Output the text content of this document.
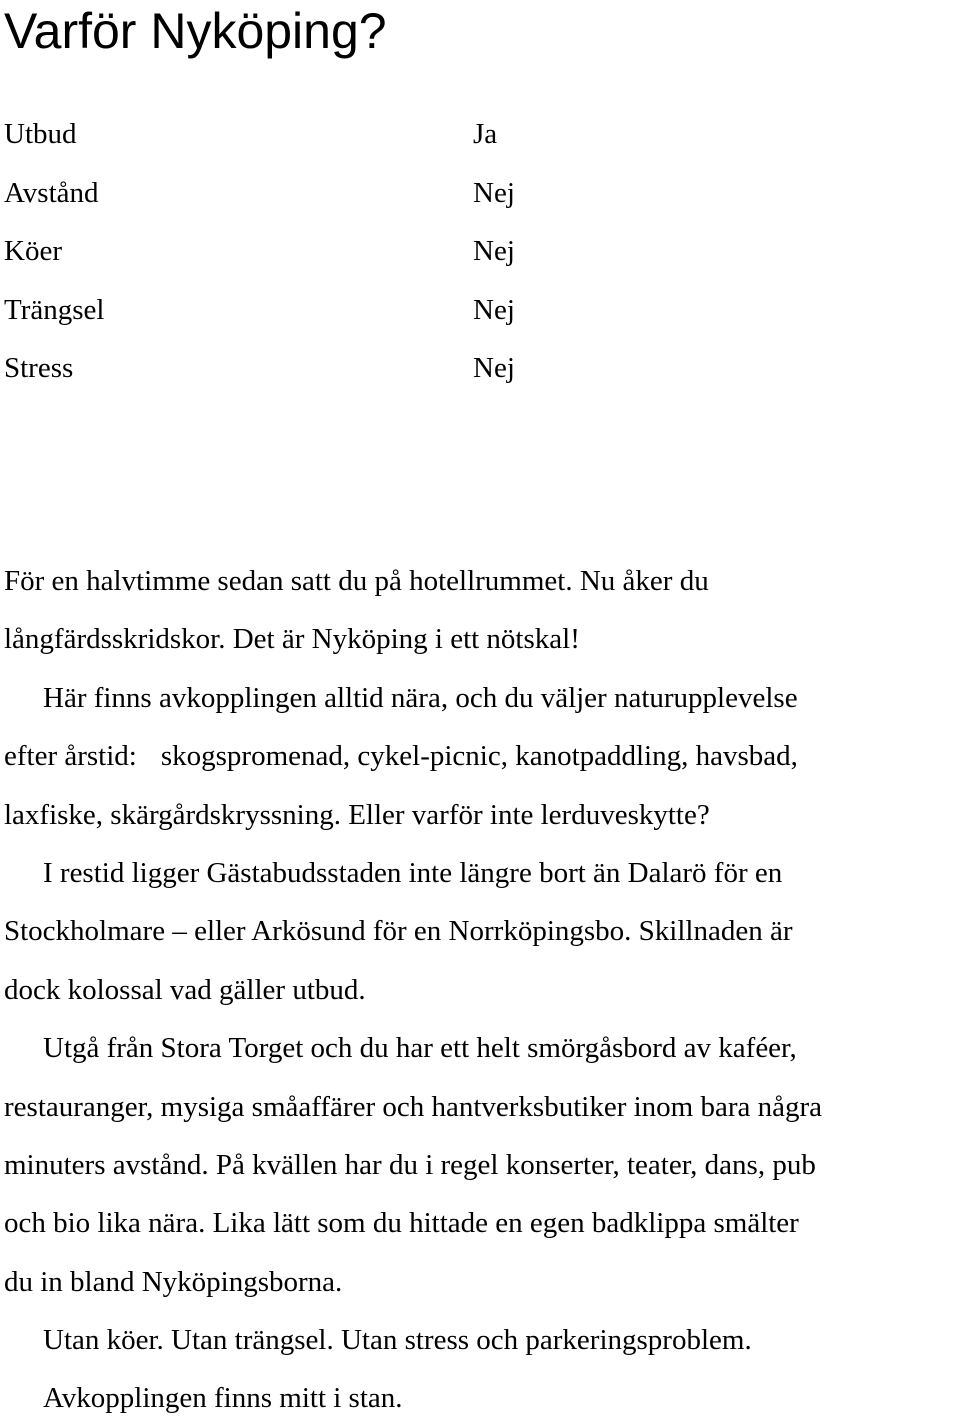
Varför Nyköping?
Utbud	Ja
Avstånd	Nej
Köer	Nej
Trängsel	Nej
Stress	Nej
För en halvtimme sedan satt du på hotellrummet. Nu åker du
långfärdsskridskor. Det är Nyköping i ett nötskal!
Här finns avkopplingen alltid nära, och du väljer naturupplevelse
efter årstid: skogspromenad, cykel-picnic, kanotpaddling, havsbad,
laxfiske, skärgårdskryssning. Eller varför inte lerduveskytte?
I restid ligger Gästabudsstaden inte längre bort än Dalarö för en
Stockholmare – eller Arkösund för en Norrköpingsbo. Skillnaden är
dock kolossal vad gäller utbud.
Utgå från Stora Torget och du har ett helt smörgåsbord av kaféer,
restauranger, mysiga småaffärer och hantverksbutiker inom bara några
minuters avstånd. På kvällen har du i regel konserter, teater, dans, pub
och bio lika nära. Lika lätt som du hittade en egen badklippa smälter
du in bland Nyköpingsborna.
Utan köer. Utan trängsel. Utan stress och parkeringsproblem.
Avkopplingen finns mitt i stan.
